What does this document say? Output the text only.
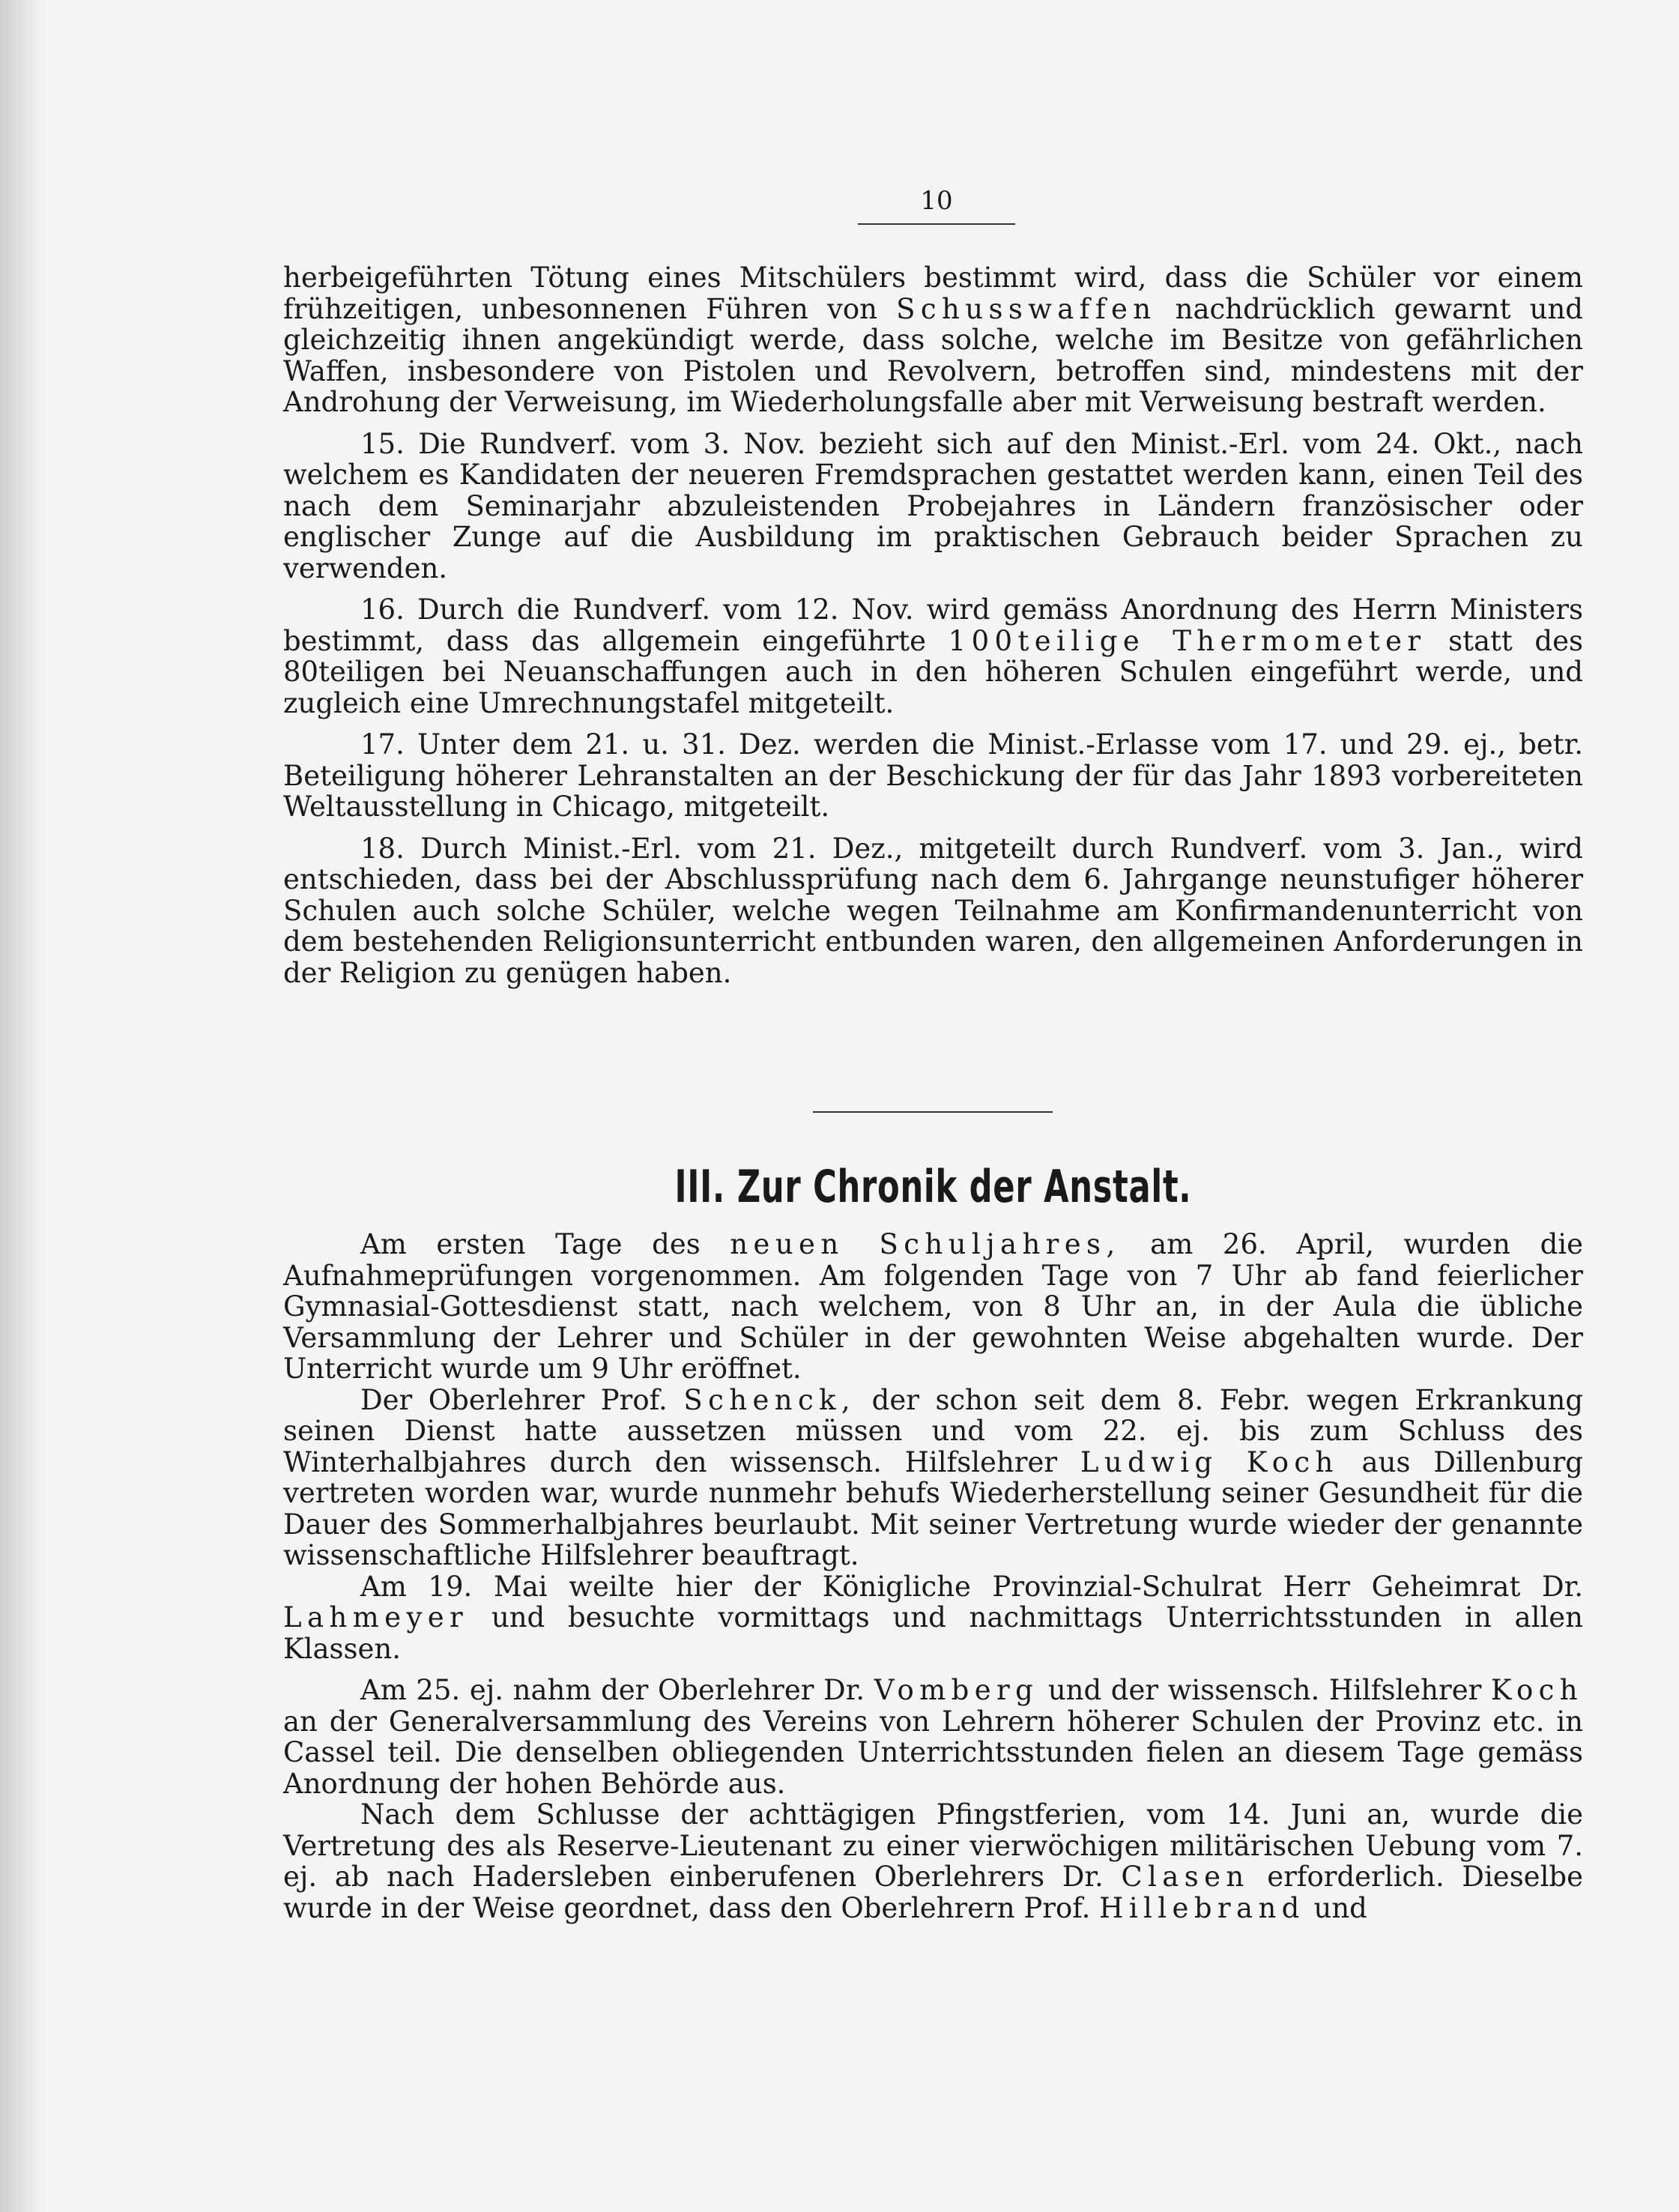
10

herbeigeführten Tötung eines Mitschülers bestimmt wird, dass die Schüler vor einem frühzeitigen, unbesonnenen Führen von Schusswaffen nachdrücklich gewarnt und gleichzeitig ihnen angekündigt werde, dass solche, welche im Besitze von gefährlichen Waffen, insbesondere von Pistolen und Revolvern, betroffen sind, mindestens mit der Androhung der Verweisung, im Wiederholungsfalle aber mit Verweisung bestraft werden.

15. Die Rundverf. vom 3. Nov. bezieht sich auf den Minist.-Erl. vom 24. Okt., nach welchem es Kandidaten der neueren Fremdsprachen gestattet werden kann, einen Teil des nach dem Seminarjahr abzuleistenden Probejahres in Ländern französischer oder englischer Zunge auf die Ausbildung im praktischen Gebrauch beider Sprachen zu verwenden.

16. Durch die Rundverf. vom 12. Nov. wird gemäss Anordnung des Herrn Ministers bestimmt, dass das allgemein eingeführte 100teilige Thermometer statt des 80teiligen bei Neuanschaffungen auch in den höheren Schulen eingeführt werde, und zugleich eine Umrechnungstafel mitgeteilt.

17. Unter dem 21. u. 31. Dez. werden die Minist.-Erlasse vom 17. und 29. ej., betr. Beteiligung höherer Lehranstalten an der Beschickung der für das Jahr 1893 vorbereiteten Weltausstellung in Chicago, mitgeteilt.

18. Durch Minist.-Erl. vom 21. Dez., mitgeteilt durch Rundverf. vom 3. Jan., wird entschieden, dass bei der Abschlussprüfung nach dem 6. Jahrgange neunstufiger höherer Schulen auch solche Schüler, welche wegen Teilnahme am Konfirmandenunterricht von dem bestehenden Religionsunterricht entbunden waren, den allgemeinen Anforderungen in der Religion zu genügen haben.

III. Zur Chronik der Anstalt.

Am ersten Tage des neuen Schuljahres, am 26. April, wurden die Aufnahmeprüfungen vorgenommen. Am folgenden Tage von 7 Uhr ab fand feierlicher Gymnasial-Gottesdienst statt, nach welchem, von 8 Uhr an, in der Aula die übliche Versammlung der Lehrer und Schüler in der gewohnten Weise abgehalten wurde. Der Unterricht wurde um 9 Uhr eröffnet.

Der Oberlehrer Prof. Schenck, der schon seit dem 8. Febr. wegen Erkrankung seinen Dienst hatte aussetzen müssen und vom 22. ej. bis zum Schluss des Winterhalbjahres durch den wissensch. Hilfslehrer Ludwig Koch aus Dillenburg vertreten worden war, wurde nunmehr behufs Wiederherstellung seiner Gesundheit für die Dauer des Sommerhalbjahres beurlaubt. Mit seiner Vertretung wurde wieder der genannte wissenschaftliche Hilfslehrer beauftragt.

Am 19. Mai weilte hier der Königliche Provinzial-Schulrat Herr Geheimrat Dr. Lahmeyer und besuchte vormittags und nachmittags Unterrichtsstunden in allen Klassen.

Am 25. ej. nahm der Oberlehrer Dr. Vomberg und der wissensch. Hilfslehrer Koch an der Generalversammlung des Vereins von Lehrern höherer Schulen der Provinz etc. in Cassel teil. Die denselben obliegenden Unterrichtsstunden fielen an diesem Tage gemäss Anordnung der hohen Behörde aus.

Nach dem Schlusse der achttägigen Pfingstferien, vom 14. Juni an, wurde die Vertretung des als Reserve-Lieutenant zu einer vierwöchigen militärischen Uebung vom 7. ej. ab nach Hadersleben einberufenen Oberlehrers Dr. Clasen erforderlich. Dieselbe wurde in der Weise geordnet, dass den Oberlehrern Prof. Hillebrand und
